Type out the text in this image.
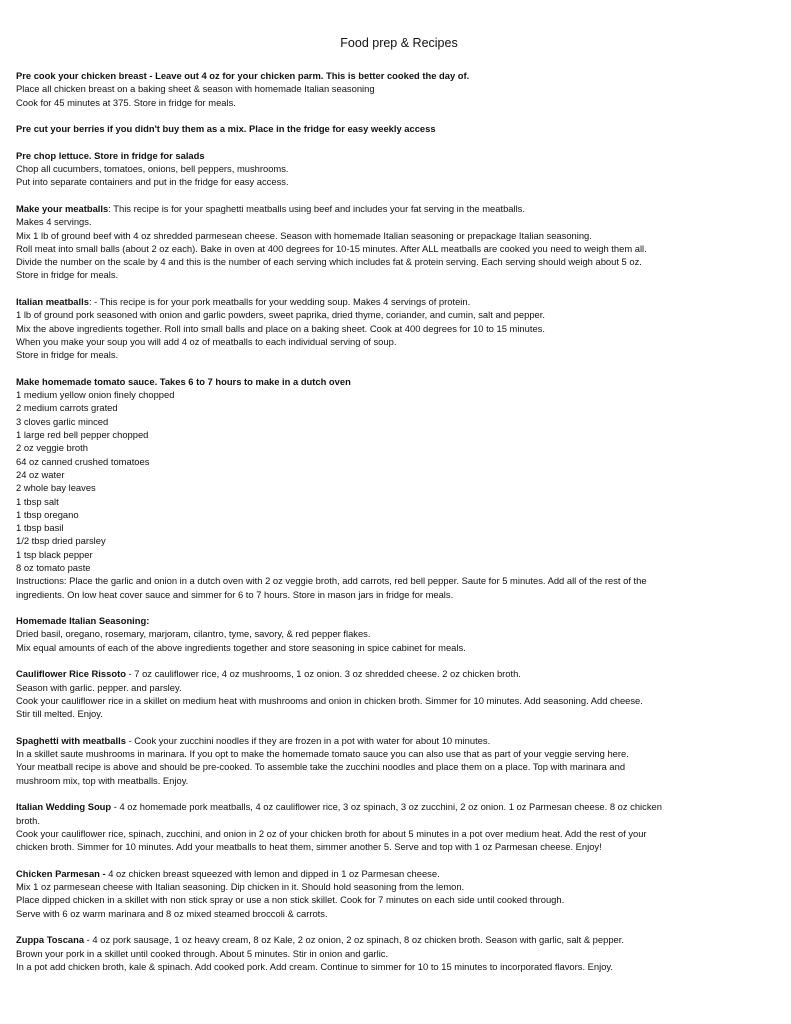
Food prep & Recipes
Pre cook your chicken breast - Leave out 4 oz for your chicken parm. This is better cooked the day of.
Place all chicken breast on a baking sheet & season with homemade Italian seasoning
Cook for 45 minutes at 375. Store in fridge for meals.
Pre cut your berries if you didn't buy them as a mix. Place in the fridge for easy weekly access
Pre chop lettuce. Store in fridge for salads
Chop all cucumbers, tomatoes, onions, bell peppers, mushrooms.
Put into separate containers and put in the fridge for easy access.
Make your meatballs: This recipe is for your spaghetti meatballs using beef and includes your fat serving in the meatballs.
Makes 4 servings.
Mix 1 lb of ground beef with 4 oz shredded parmesean cheese. Season with homemade Italian seasoning or prepackage Italian seasoning.
Roll meat into small balls (about 2 oz each). Bake in oven at 400 degrees for 10-15 minutes. After ALL meatballs are cooked you need to weigh them all.
Divide the number on the scale by 4 and this is the number of each serving which includes fat & protein serving. Each serving should weigh about 5 oz.
Store in fridge for meals.
Italian meatballs: - This recipe is for your pork meatballs for your wedding soup. Makes 4 servings of protein.
1 lb of ground pork seasoned with onion and garlic powders, sweet paprika, dried thyme, coriander, and cumin, salt and pepper.
Mix the above ingredients together. Roll into small balls and place on a baking sheet. Cook at 400 degrees for 10 to 15 minutes.
When you make your soup you will add 4 oz of meatballs to each individual serving of soup.
Store in fridge for meals.
Make homemade tomato sauce. Takes 6 to 7 hours to make in a dutch oven
1 medium yellow onion finely chopped
2 medium carrots grated
3 cloves garlic minced
1 large red bell pepper chopped
2 oz veggie broth
64 oz canned crushed tomatoes
24 oz water
2 whole bay leaves
1 tbsp salt
1 tbsp oregano
1 tbsp basil
1/2 tbsp dried parsley
1 tsp black pepper
8 oz tomato paste
Instructions: Place the garlic and onion in a dutch oven with 2 oz veggie broth, add carrots, red bell pepper. Saute for 5 minutes. Add all of the rest of the
ingredients. On low heat cover sauce and simmer for 6 to 7 hours. Store in mason jars in fridge for meals.
Homemade Italian Seasoning:
Dried basil, oregano, rosemary, marjoram, cilantro, tyme, savory, & red pepper flakes.
Mix equal amounts of each of the above ingredients together and store seasoning in spice cabinet for meals.
Cauliflower Rice Rissoto - 7 oz cauliflower rice, 4 oz mushrooms, 1 oz onion. 3 oz shredded cheese. 2 oz chicken broth.
Season with garlic. pepper. and parsley.
Cook your cauliflower rice in a skillet on medium heat with mushrooms and onion in chicken broth. Simmer for 10 minutes. Add seasoning. Add cheese.
Stir till melted. Enjoy.
Spaghetti with meatballs - Cook your zucchini noodles if they are frozen in a pot with water for about 10 minutes.
In a skillet saute mushrooms in marinara. If you opt to make the homemade tomato sauce you can also use that as part of your veggie serving here.
Your meatball recipe is above and should be pre-cooked. To assemble take the zucchini noodles and place them on a place. Top with marinara and
mushroom mix, top with meatballs. Enjoy.
Italian Wedding Soup - 4 oz homemade pork meatballs, 4 oz cauliflower rice, 3 oz spinach, 3 oz zucchini, 2 oz onion. 1 oz Parmesan cheese. 8 oz chicken
broth.
Cook your cauliflower rice, spinach, zucchini, and onion in 2 oz of your chicken broth for about 5 minutes in a pot over medium heat. Add the rest of your
chicken broth. Simmer for 10 minutes. Add your meatballs to heat them, simmer another 5. Serve and top with 1 oz Parmesan cheese. Enjoy!
Chicken Parmesan - 4 oz chicken breast squeezed with lemon and dipped in 1 oz Parmesan cheese.
Mix 1 oz parmesean cheese with Italian seasoning. Dip chicken in it. Should hold seasoning from the lemon.
Place dipped chicken in a skillet with non stick spray or use a non stick skillet. Cook for 7 minutes on each side until cooked through.
Serve with 6 oz warm marinara and 8 oz mixed steamed broccoli & carrots.
Zuppa Toscana - 4 oz pork sausage, 1 oz heavy cream, 8 oz Kale, 2 oz onion, 2 oz spinach, 8 oz chicken broth. Season with garlic, salt & pepper.
Brown your pork in a skillet until cooked through. About 5 minutes. Stir in onion and garlic.
In a pot add chicken broth, kale & spinach. Add cooked pork. Add cream. Continue to simmer for 10 to 15 minutes to incorporated flavors. Enjoy.
